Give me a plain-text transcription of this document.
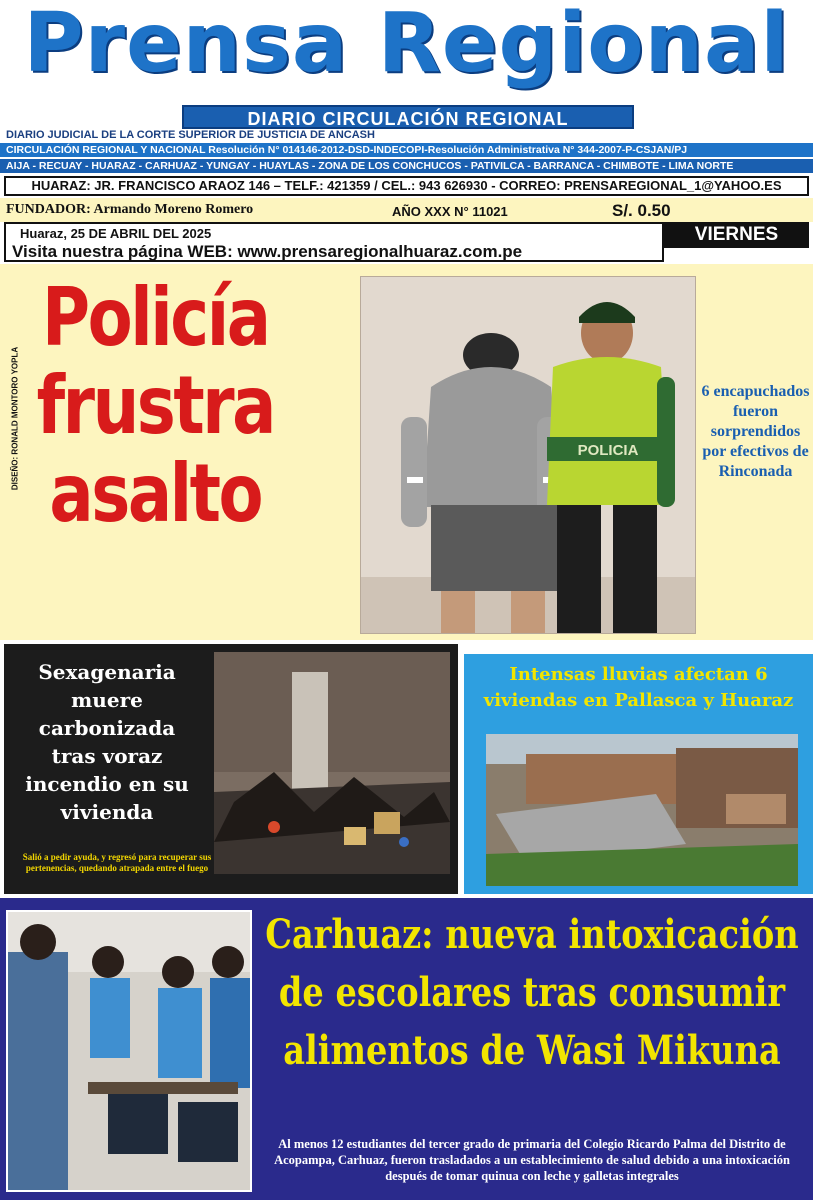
Prensa Regional
DIARIO CIRCULACIÓN REGIONAL
DIARIO JUDICIAL DE LA CORTE SUPERIOR DE JUSTICIA DE ANCASH
CIRCULACIÓN REGIONAL Y NACIONAL Resolución N° 014146-2012-DSD-INDECOPI-Resolución Administrativa N° 344-2007-P-CSJAN/PJ
AIJA - RECUAY - HUARAZ - CARHUAZ - YUNGAY - HUAYLAS - ZONA DE LOS CONCHUCOS - PATIVILCA - BARRANCA - CHIMBOTE - LIMA NORTE
HUARAZ: JR. FRANCISCO ARAOZ 146 – TELF.: 421359 / CEL.: 943 626930 - CORREO: PRENSAREGIONAL_1@YAHOO.ES
FUNDADOR: Armando Moreno Romero	AÑO XXX N° 11021	S/. 0.50
Huaraz, 25 DE ABRIL DEL 2025
Visita nuestra página WEB: www.prensaregionalhuaraz.com.pe
VIERNES
DISEÑO: RONALD MONTORO YOPLA
Policía
frustra
asalto	POLICIA
6 encapuchados fueron sorprendidos por efectivos de Rinconada
Sexagenaria muere carbonizada tras voraz incendio en su vivienda
Salió a pedir ayuda, y regresó para recuperar sus pertenencias, quedando atrapada entre el fuego
Intensas lluvias afectan 6 viviendas en Pallasca y Huaraz
Carhuaz: nueva intoxicación de escolares tras consumir alimentos de Wasi Mikuna
Al menos 12 estudiantes del tercer grado de primaria del Colegio Ricardo Palma del Distrito de Acopampa, Carhuaz, fueron trasladados a un establecimiento de salud debido a una intoxicación después de tomar quinua con leche y galletas integrales
